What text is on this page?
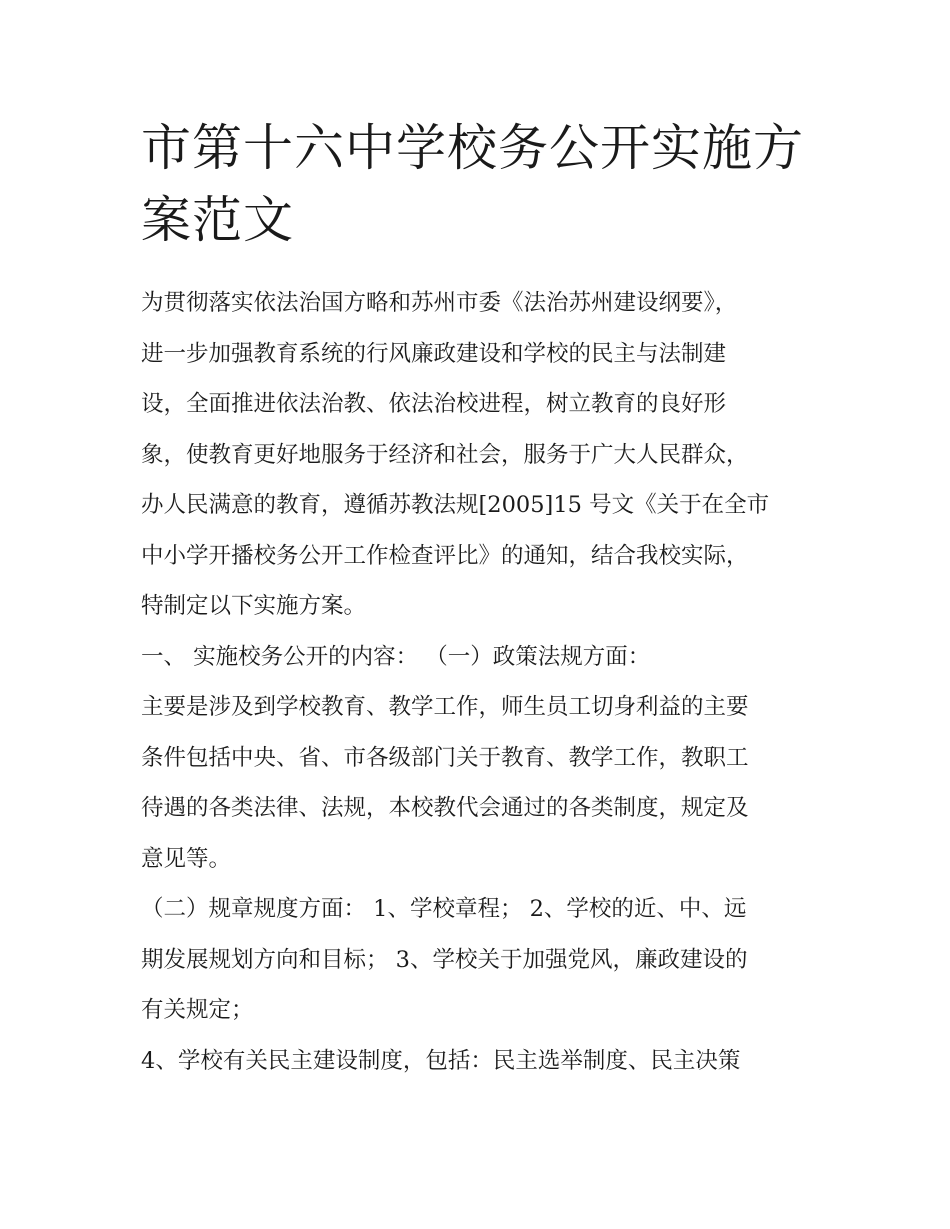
市第十六中学校务公开实施方
案范文
为贯彻落实依法治国方略和苏州市委《法治苏州建设纲要》，
进一步加强教育系统的行风廉政建设和学校的民主与法制建
设，全面推进依法治教、依法治校进程，树立教育的良好形
象，使教育更好地服务于经济和社会，服务于广大人民群众，
办人民满意的教育，遵循苏教法规[2005]15 号文《关于在全市
中小学开播校务公开工作检查评比》的通知，结合我校实际，
特制定以下实施方案。
一、 实施校务公开的内容： （一）政策法规方面：
主要是涉及到学校教育、教学工作，师生员工切身利益的主要
条件包括中央、省、市各级部门关于教育、教学工作，教职工
待遇的各类法律、法规，本校教代会通过的各类制度，规定及
意见等。
（二）规章规度方面： 1、学校章程； 2、学校的近、中、远
期发展规划方向和目标； 3、学校关于加强党风，廉政建设的
有关规定；
4、学校有关民主建设制度，包括：民主选举制度、民主决策
